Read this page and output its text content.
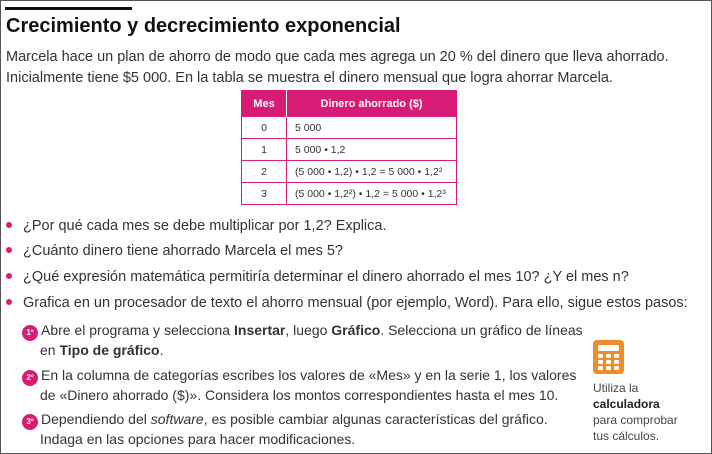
Crecimiento y decrecimiento exponencial
Marcela hace un plan de ahorro de modo que cada mes agrega un 20 % del dinero que lleva ahorrado.
Inicialmente tiene $5 000. En la tabla se muestra el dinero mensual que logra ahorrar Marcela.
Mes	Dinero ahorrado ($)
0	5 000
1	5 000 • 1,2
2	(5 000 • 1,2) • 1,2 = 5 000 • 1,2²
3	(5 000 • 1,2²) • 1,2 = 5 000 • 1,2³
¿Por qué cada mes se debe multiplicar por 1,2? Explica.
¿Cuánto dinero tiene ahorrado Marcela el mes 5?
¿Qué expresión matemática permitiría determinar el dinero ahorrado el mes 10? ¿Y el mes n?
Grafica en un procesador de texto el ahorro mensual (por ejemplo, Word). Para ello, sigue estos pasos:
1º Abre el programa y selecciona Insertar, luego Gráfico. Selecciona un gráfico de líneas
en Tipo de gráfico.
2º En la columna de categorías escribes los valores de «Mes» y en la serie 1, los valores
de «Dinero ahorrado ($)». Considera los montos correspondientes hasta el mes 10.
3º Dependiendo del software, es posible cambiar algunas características del gráfico.
Indaga en las opciones para hacer modificaciones.
Utiliza la
calculadora
para comprobar
tus cálculos.
